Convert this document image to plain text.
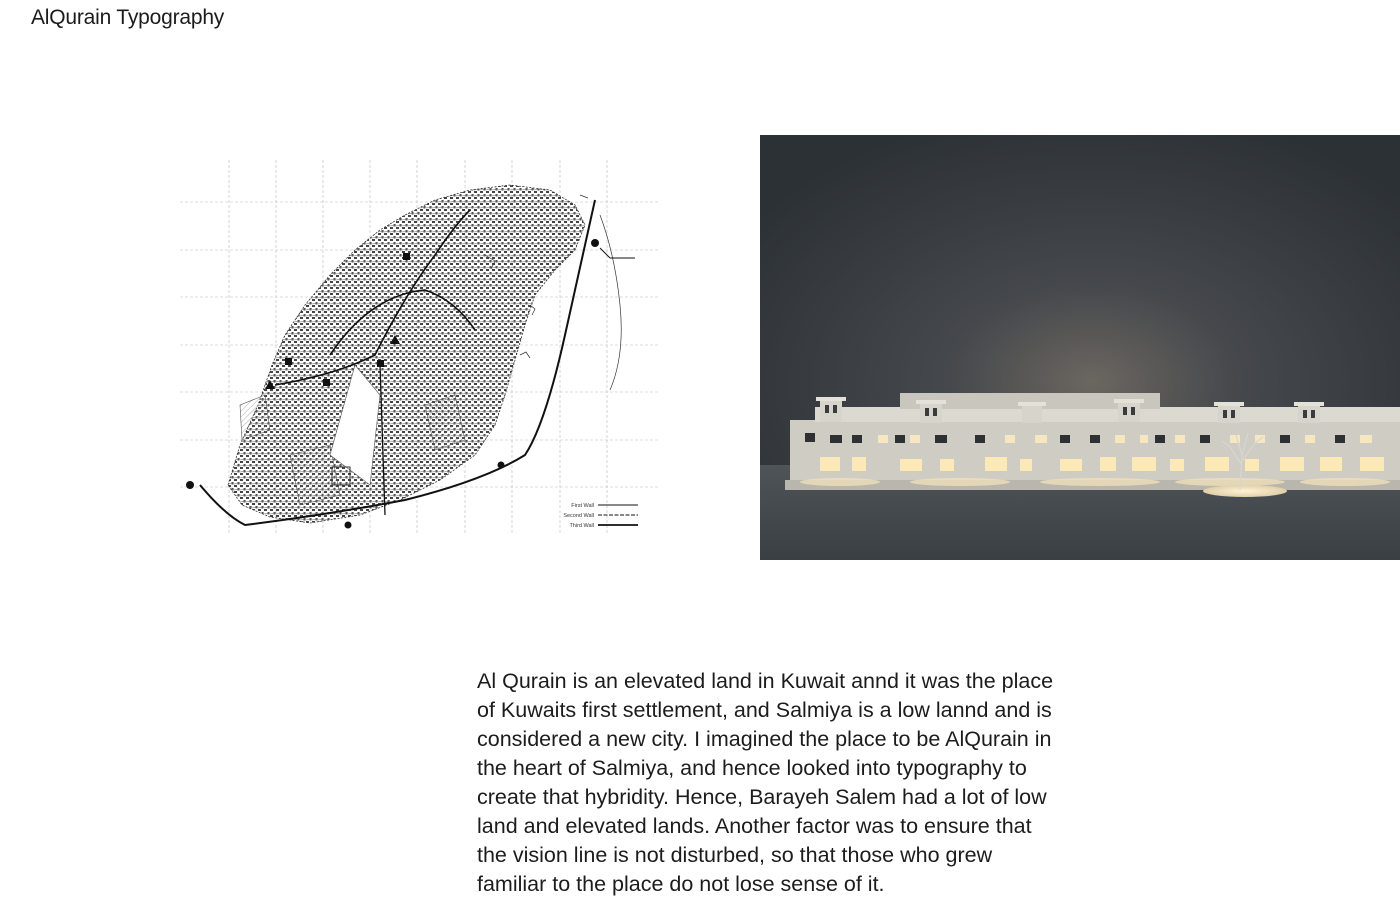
AlQurain Typography
First Wall
Second Wall
Third Wall
Al Qurain is an elevated land in Kuwait annd it was the place
of Kuwaits first settlement, and Salmiya is a low lannd and is
considered a new city. I imagined the place to be AlQurain in
the heart of Salmiya, and hence looked into typography to
create that hybridity. Hence, Barayeh Salem had a lot of low
land and elevated lands. Another factor was to ensure that
the vision line is not disturbed, so that those who grew
familiar to the place do not lose sense of it.
